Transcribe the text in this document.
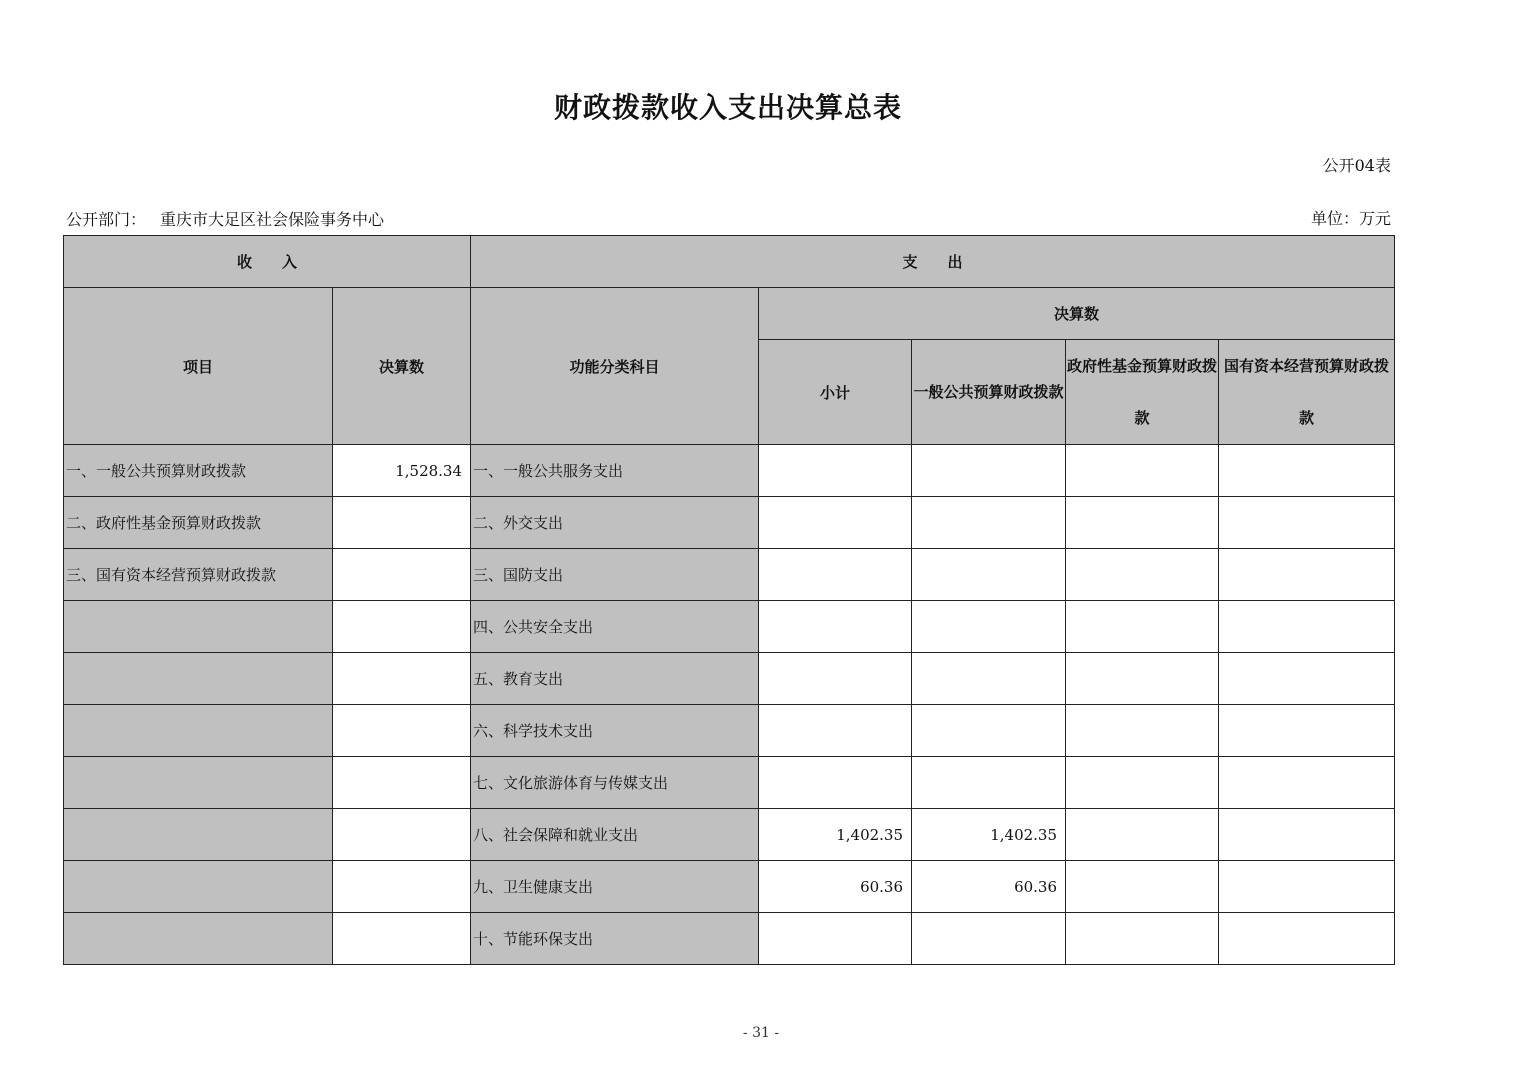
财政拨款收入支出决算总表
公开04表
公开部门： 重庆市大足区社会保险事务中心	单位：万元
收　　入		支　　出				
项目	决算数	功能分类科目	决算数			
			小计	一般公共预算财政拨款	政府性基金预算财政拨款	国有资本经营预算财政拨款

一、一般公共预算财政拨款	1,528.34	一、一般公共服务支出				
二、政府性基金预算财政拨款		二、外交支出				
三、国有资本经营预算财政拨款		三、国防支出				
		四、公共安全支出				
		五、教育支出				
		六、科学技术支出				
		七、文化旅游体育与传媒支出				
		八、社会保障和就业支出	1,402.35	1,402.35		
		九、卫生健康支出	60.36	60.36		
		十、节能环保支出				
- 31 -
